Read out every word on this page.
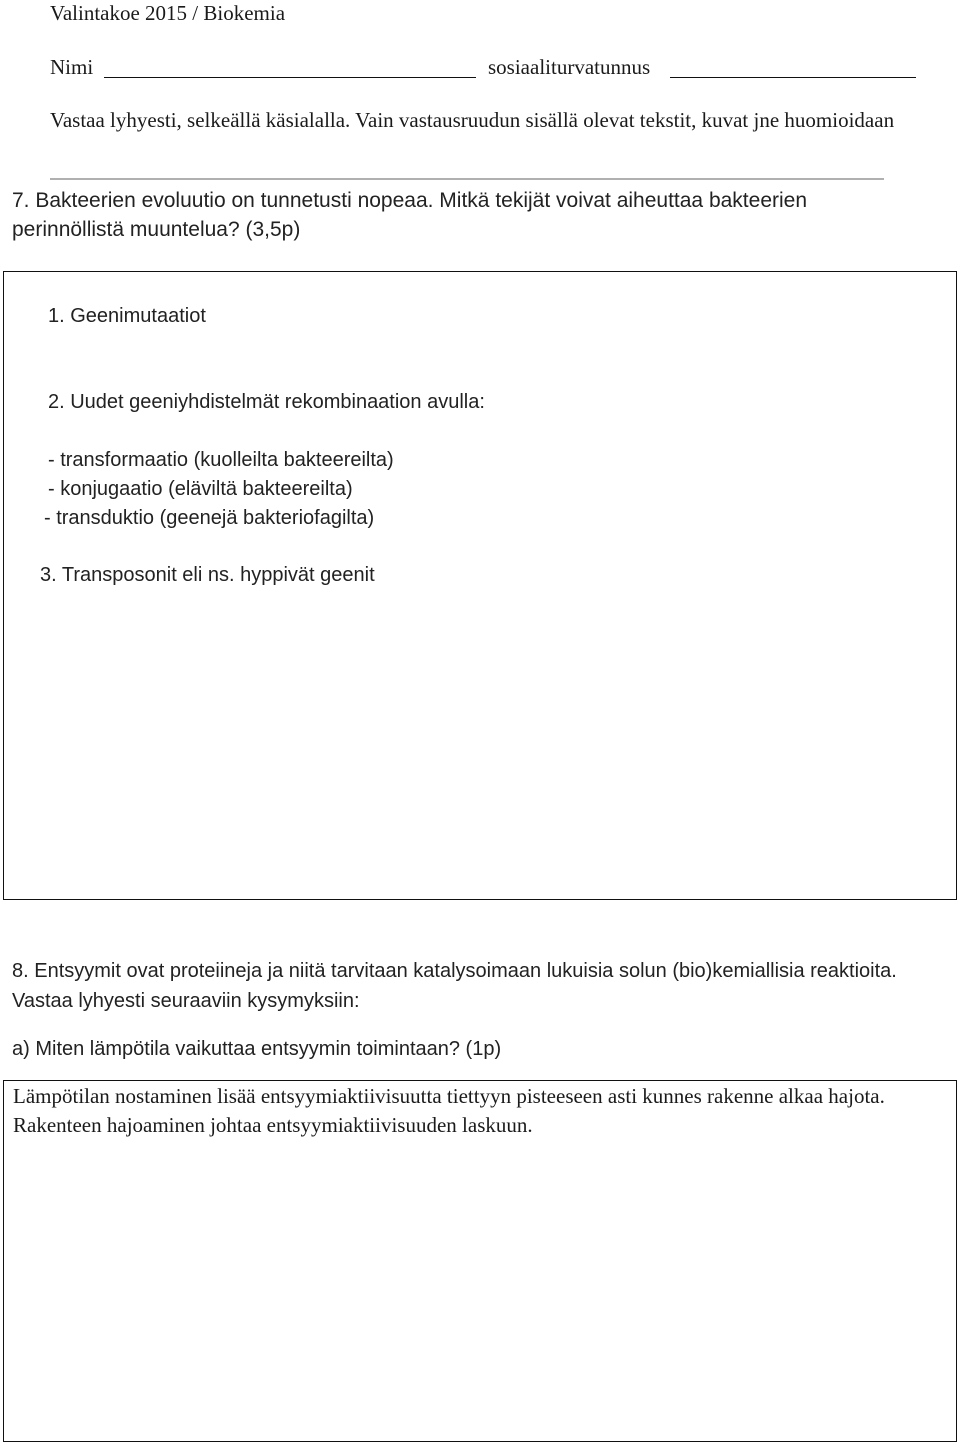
Valintakoe 2015 / Biokemia
Nimi	sosiaaliturvatunnus
Vastaa lyhyesti, selkeällä käsialalla. Vain vastausruudun sisällä olevat tekstit, kuvat jne huomioidaan
7. Bakteerien evoluutio on tunnetusti nopeaa. Mitkä tekijät voivat aiheuttaa bakteerien perinnöllistä muuntelua? (3,5p)
1. Geenimutaatiot
2. Uudet geeniyhdistelmät rekombinaation avulla:
- transformaatio (kuolleilta bakteereilta)
- konjugaatio (eläviltä bakteereilta)
- transduktio (geenejä bakteriofagilta)
3. Transposonit eli ns. hyppivät geenit
8. Entsyymit ovat proteiineja ja niitä tarvitaan katalysoimaan lukuisia solun (bio)kemiallisia reaktioita. Vastaa lyhyesti seuraaviin kysymyksiin:
a) Miten lämpötila vaikuttaa entsyymin toimintaan? (1p)
Lämpötilan nostaminen lisää entsyymiaktiivisuutta tiettyyn pisteeseen asti kunnes rakenne alkaa hajota. Rakenteen hajoaminen johtaa entsyymiaktiivisuuden laskuun.
